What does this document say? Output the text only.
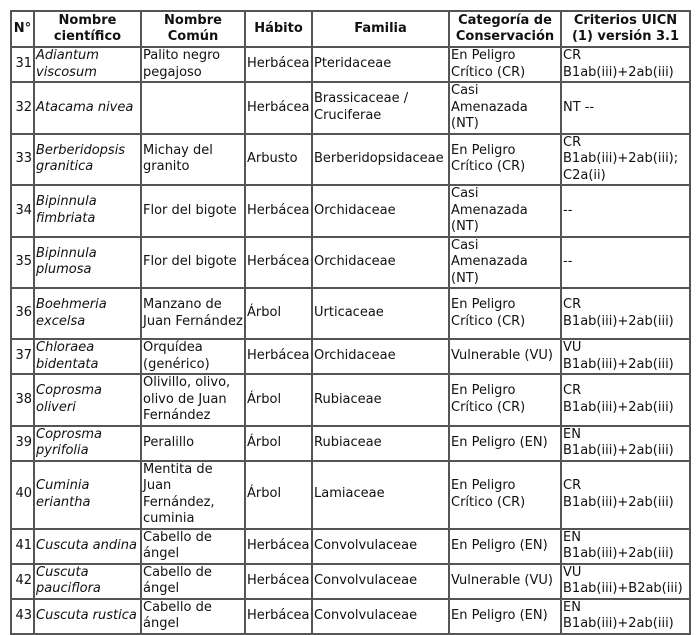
N°	Nombre científico	Nombre Común	Hábito	Familia	Categoría de Conservación	Criterios UICN (1) versión 3.1
31	Adiantum viscosum	Palito negro pegajoso	Herbácea	Pteridaceae	En Peligro Crítico (CR)	CR B1ab(iii)+2ab(iii)
32	Atacama nivea		Herbácea	Brassicaceae / Cruciferae	Casi Amenazada (NT)	NT --
33	Berberidopsis granitica	Michay del granito	Arbusto	Berberidopsidaceae	En Peligro Crítico (CR)	CR B1ab(iii)+2ab(iii); C2a(ii)
34	Bipinnula fimbriata	Flor del bigote	Herbácea	Orchidaceae	Casi Amenazada (NT)	--
35	Bipinnula plumosa	Flor del bigote	Herbácea	Orchidaceae	Casi Amenazada (NT)	--
36	Boehmeria excelsa	Manzano de Juan Fernández	Árbol	Urticaceae	En Peligro Crítico (CR)	CR B1ab(iii)+2ab(iii)
37	Chloraea bidentata	Orquídea (genérico)	Herbácea	Orchidaceae	Vulnerable (VU)	VU B1ab(iii)+2ab(iii)
38	Coprosma oliveri	Olivillo, olivo, olivo de Juan Fernández	Árbol	Rubiaceae	En Peligro Crítico (CR)	CR B1ab(iii)+2ab(iii)
39	Coprosma pyrifolia	Peralillo	Árbol	Rubiaceae	En Peligro (EN)	EN B1ab(iii)+2ab(iii)
40	Cuminia eriantha	Mentita de Juan Fernández, cuminia	Árbol	Lamiaceae	En Peligro Crítico (CR)	CR B1ab(iii)+2ab(iii)
41	Cuscuta andina	Cabello de ángel	Herbácea	Convolvulaceae	En Peligro (EN)	EN B1ab(iii)+2ab(iii)
42	Cuscuta pauciflora	Cabello de ángel	Herbácea	Convolvulaceae	Vulnerable (VU)	VU B1ab(iii)+B2ab(iii)
43	Cuscuta rustica	Cabello de ángel	Herbácea	Convolvulaceae	En Peligro (EN)	EN B1ab(iii)+2ab(iii)
